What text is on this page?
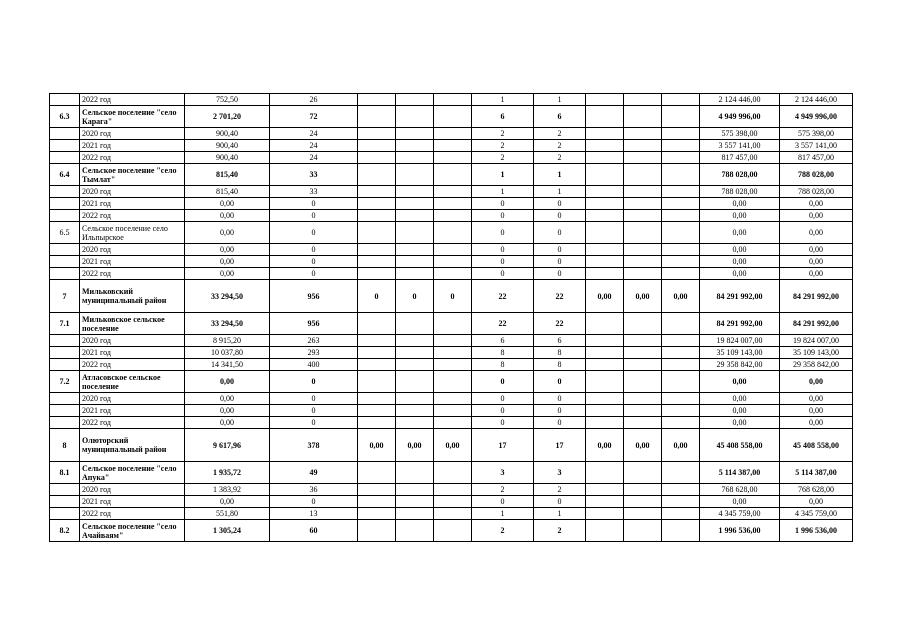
	2022 год	752,50	26				1	1				2 124 446,00	2 124 446,00
6.3	Сельское поселение "село Карага"	2 701,20	72				6	6				4 949 996,00	4 949 996,00
	2020 год	900,40	24				2	2				575 398,00	575 398,00
	2021 год	900,40	24				2	2				3 557 141,00	3 557 141,00
	2022 год	900,40	24				2	2				817 457,00	817 457,00
6.4	Сельское поселение "село Тымлат"	815,40	33				1	1				788 028,00	788 028,00
	2020 год	815,40	33				1	1				788 028,00	788 028,00
	2021 год	0,00	0				0	0				0,00	0,00
	2022 год	0,00	0				0	0				0,00	0,00
6.5	Сельское поселение село Ильпырское	0,00	0				0	0				0,00	0,00
	2020 год	0,00	0				0	0				0,00	0,00
	2021 год	0,00	0				0	0				0,00	0,00
	2022 год	0,00	0				0	0				0,00	0,00
7	Мильковский муниципальный район	33 294,50	956	0	0	0	22	22	0,00	0,00	0,00	84 291 992,00	84 291 992,00
7.1	Мильковское сельское поселение	33 294,50	956				22	22				84 291 992,00	84 291 992,00
	2020 год	8 915,20	263				6	6				19 824 007,00	19 824 007,00
	2021 год	10 037,80	293				8	8				35 109 143,00	35 109 143,00
	2022 год	14 341,50	400				8	8				29 358 842,00	29 358 842,00
7.2	Атласовское сельское поселение	0,00	0				0	0				0,00	0,00
	2020 год	0,00	0				0	0				0,00	0,00
	2021 год	0,00	0				0	0				0,00	0,00
	2022 год	0,00	0				0	0				0,00	0,00
8	Олюторский муниципальный район	9 617,96	378	0,00	0,00	0,00	17	17	0,00	0,00	0,00	45 408 558,00	45 408 558,00
8.1	Сельское поселение "село Апука"	1 935,72	49				3	3				5 114 387,00	5 114 387,00
	2020 год	1 383,92	36				2	2				768 628,00	768 628,00
	2021 год	0,00	0				0	0				0,00	0,00
	2022 год	551,80	13				1	1				4 345 759,00	4 345 759,00
8.2	Сельское поселение "село Ачайваям"	1 305,24	60				2	2				1 996 536,00	1 996 536,00
